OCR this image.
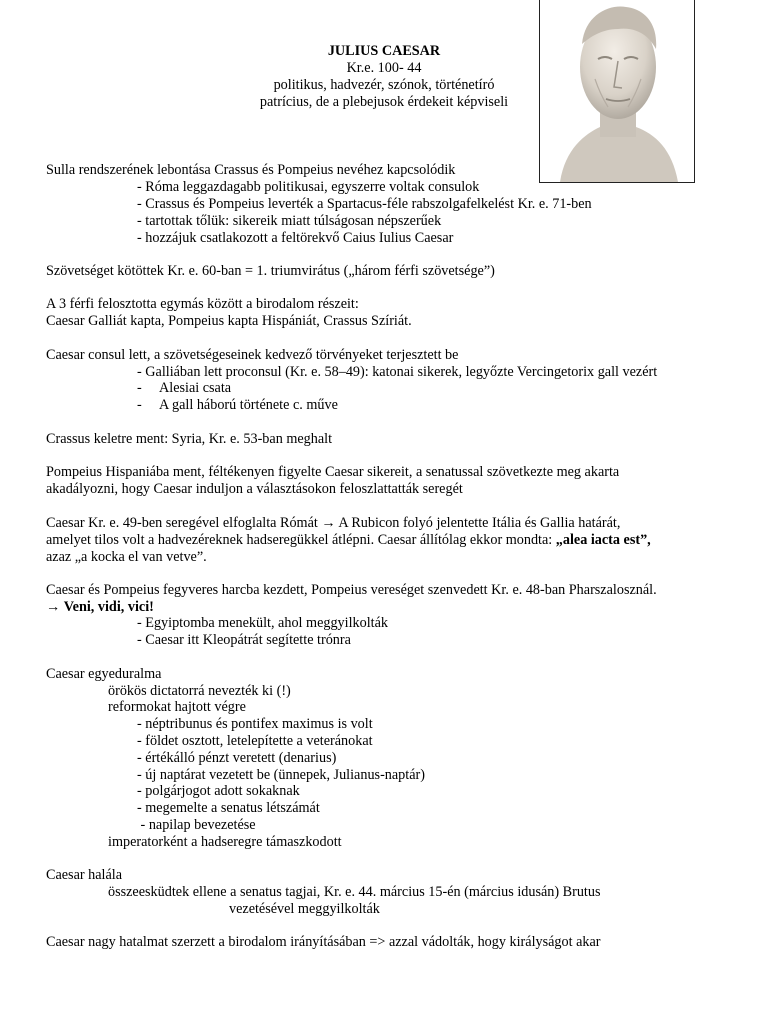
JULIUS CAESAR
Kr.e. 100- 44
politikus, hadvezér, szónok, történetíró
patrícius, de a plebejusok érdekeit képviseli
Sulla rendszerének lebontása Crassus és Pompeius nevéhez kapcsolódik
- Róma leggazdagabb politikusai, egyszerre voltak consulok
- Crassus és Pompeius leverték a Spartacus-féle rabszolgafelkelést Kr. e. 71-ben
- tartottak tőlük: sikereik miatt túlságosan népszerűek
- hozzájuk csatlakozott a feltörekvő Caius Iulius Caesar
Szövetséget kötöttek Kr. e. 60-ban = 1. triumvirátus („három férfi szövetsége”)
A 3 férfi felosztotta egymás között a birodalom részeit:
Caesar Galliát kapta, Pompeius kapta Hispániát, Crassus Szíriát.
Caesar consul lett, a szövetségeseinek kedvező törvényeket terjesztett be
- Galliában lett proconsul (Kr. e. 58–49): katonai sikerek, legyőzte Vercingetorix gall vezért
- Alesiai csata
- A gall háború története c. műve
Crassus keletre ment: Syria, Kr. e. 53-ban meghalt
Pompeius Hispaniába ment, féltékenyen figyelte Caesar sikereit, a senatussal szövetkezte meg akarta
akadályozni, hogy Caesar induljon a választásokon feloszlattatták seregét
Caesar Kr. e. 49-ben seregével elfoglalta Rómát → A Rubicon folyó jelentette Itália és Gallia határát,
amelyet tilos volt a hadvezéreknek hadseregükkel átlépni. Caesar állítólag ekkor mondta: „alea iacta est”,
azaz „a kocka el van vetve”.
Caesar és Pompeius fegyveres harcba kezdett, Pompeius vereséget szenvedett Kr. e. 48-ban Pharszalosznál.
→ Veni, vidi, vici!
- Egyiptomba menekült, ahol meggyilkolták
- Caesar itt Kleopátrát segítette trónra
Caesar egyeduralma
örökös dictatorrá nevezték ki (!)
reformokat hajtott végre
- néptribunus és pontifex maximus is volt
- földet osztott, letelepítette a veteránokat
- értékálló pénzt veretett (denarius)
- új naptárat vezetett be (ünnepek, Julianus-naptár)
- polgárjogot adott sokaknak
- megemelte a senatus létszámát
- napilap bevezetése
imperatorként a hadseregre támaszkodott
Caesar halála
összeesküdtek ellene a senatus tagjai, Kr. e. 44. március 15-én (március idusán) Brutus
vezetésével meggyilkolták
Caesar nagy hatalmat szerzett a birodalom irányításában => azzal vádolták, hogy királyságot akar
